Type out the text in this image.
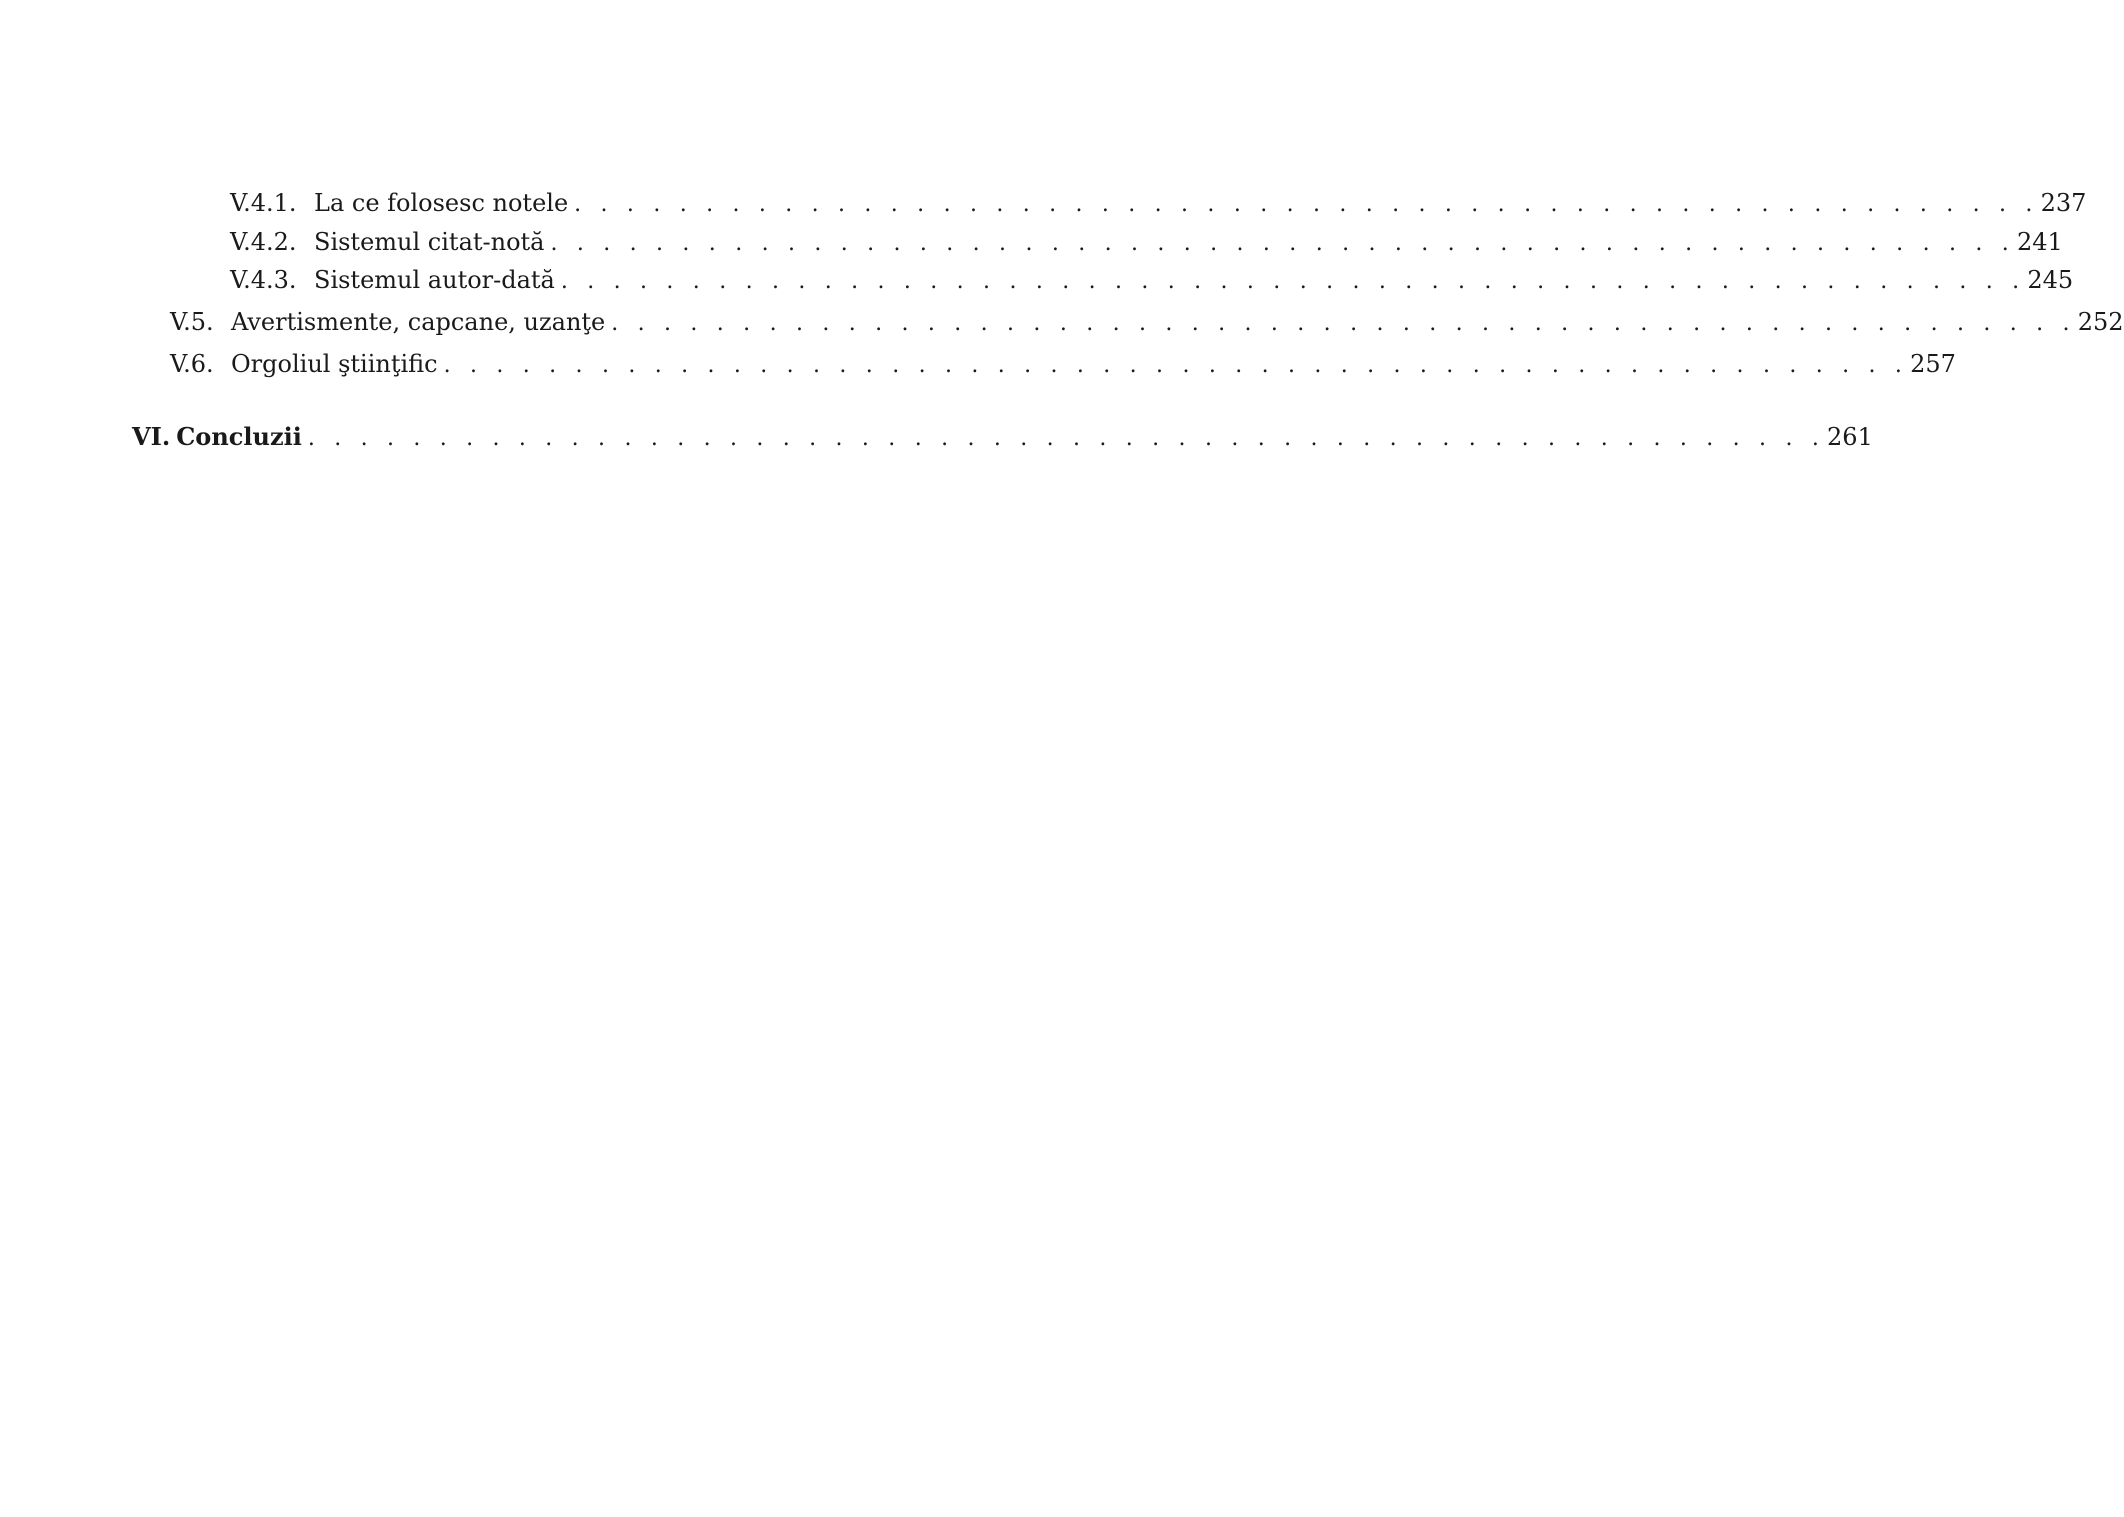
V.4.1. La ce folosesc notele . . . . . . . . . . . . . . . . . . . . . . . . . . . . . . . . . . . . . . . . . . . . . . . . . . . . . . . . 237
V.4.2. Sistemul citat-notă . . . . . . . . . . . . . . . . . . . . . . . . . . . . . . . . . . . . . . . . . . . . . . . . . . . . . . . . 241
V.4.3. Sistemul autor-dată . . . . . . . . . . . . . . . . . . . . . . . . . . . . . . . . . . . . . . . . . . . . . . . . . . . . . . . . 245
V.5. Avertismente, capcane, uzanţe . . . . . . . . . . . . . . . . . . . . . . . . . . . . . . . . . . . . . . . . . . . . . . . . . . . . . . . . 252
V.6. Orgoliul ştiinţific . . . . . . . . . . . . . . . . . . . . . . . . . . . . . . . . . . . . . . . . . . . . . . . . . . . . . . . . 257
VI. Concluzii . . . . . . . . . . . . . . . . . . . . . . . . . . . . . . . . . . . . . . . . . . . . . . . . . . . . . . . . . . 261
